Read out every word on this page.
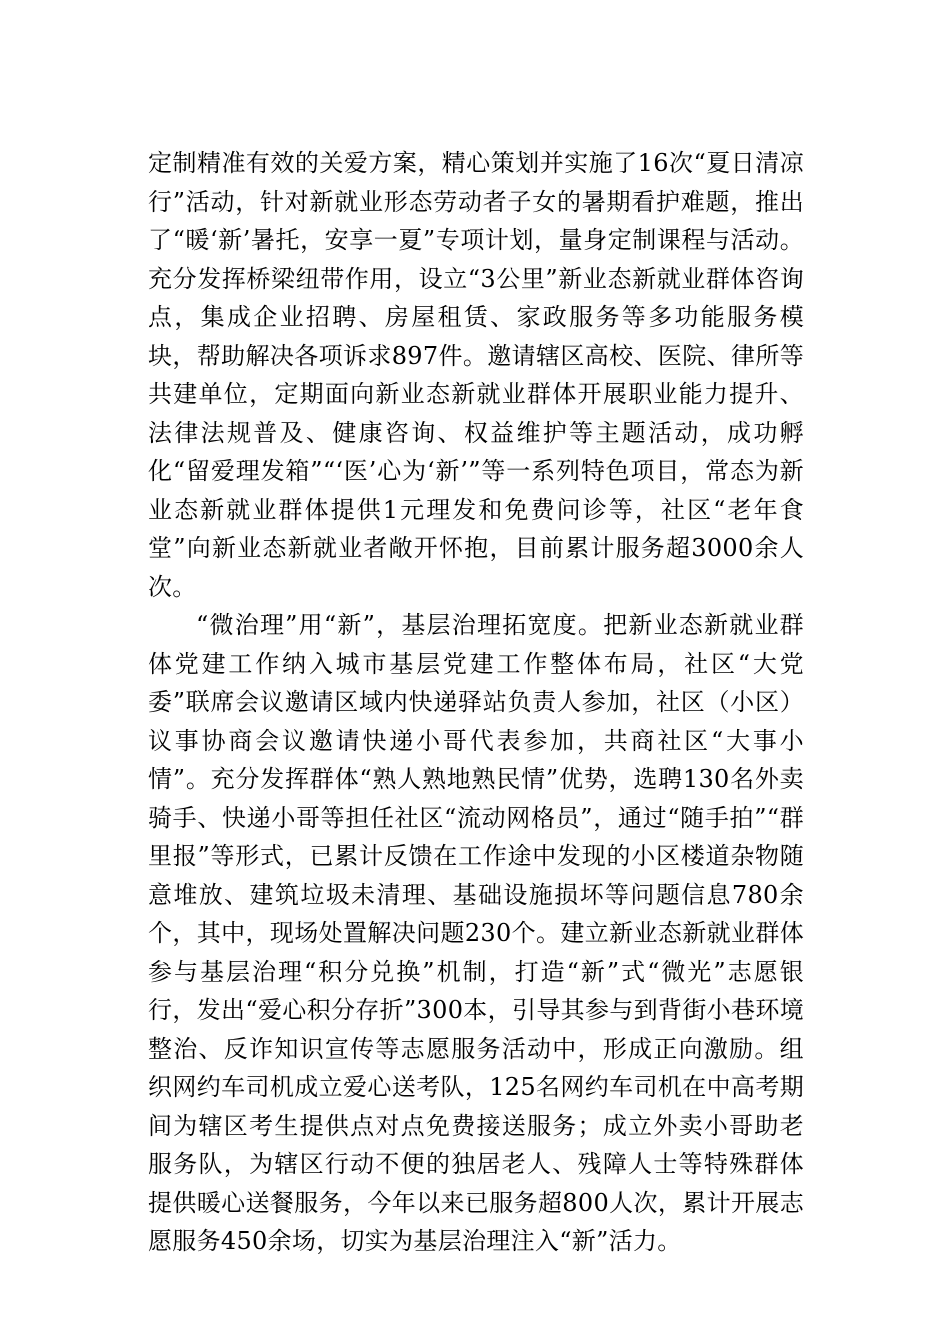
定制精准有效的关爱方案，精心策划并实施了16次“夏日清凉行”活动，针对新就业形态劳动者子女的暑期看护难题，推出了“暖‘新’暑托，安享一夏”专项计划，量身定制课程与活动。充分发挥桥梁纽带作用，设立“3公里”新业态新就业群体咨询点，集成企业招聘、房屋租赁、家政服务等多功能服务模块，帮助解决各项诉求897件。邀请辖区高校、医院、律所等共建单位，定期面向新业态新就业群体开展职业能力提升、法律法规普及、健康咨询、权益维护等主题活动，成功孵化“留爱理发箱”“‘医’心为‘新’”等一系列特色项目，常态为新业态新就业群体提供1元理发和免费问诊等，社区“老年食堂”向新业态新就业者敞开怀抱，目前累计服务超3000余人次。

“微治理”用“新”，基层治理拓宽度。把新业态新就业群体党建工作纳入城市基层党建工作整体布局，社区“大党委”联席会议邀请区域内快递驿站负责人参加，社区（小区）议事协商会议邀请快递小哥代表参加，共商社区“大事小情”。充分发挥群体“熟人熟地熟民情”优势，选聘130名外卖骑手、快递小哥等担任社区“流动网格员”，通过“随手拍”“群里报”等形式，已累计反馈在工作途中发现的小区楼道杂物随意堆放、建筑垃圾未清理、基础设施损坏等问题信息780余个，其中，现场处置解决问题230个。建立新业态新就业群体参与基层治理“积分兑换”机制，打造“新”式“微光”志愿银行，发出“爱心积分存折”300本，引导其参与到背街小巷环境整治、反诈知识宣传等志愿服务活动中，形成正向激励。组织网约车司机成立爱心送考队，125名网约车司机在中高考期间为辖区考生提供点对点免费接送服务；成立外卖小哥助老服务队，为辖区行动不便的独居老人、残障人士等特殊群体提供暖心送餐服务，今年以来已服务超800人次，累计开展志愿服务450余场，切实为基层治理注入“新”活力。
